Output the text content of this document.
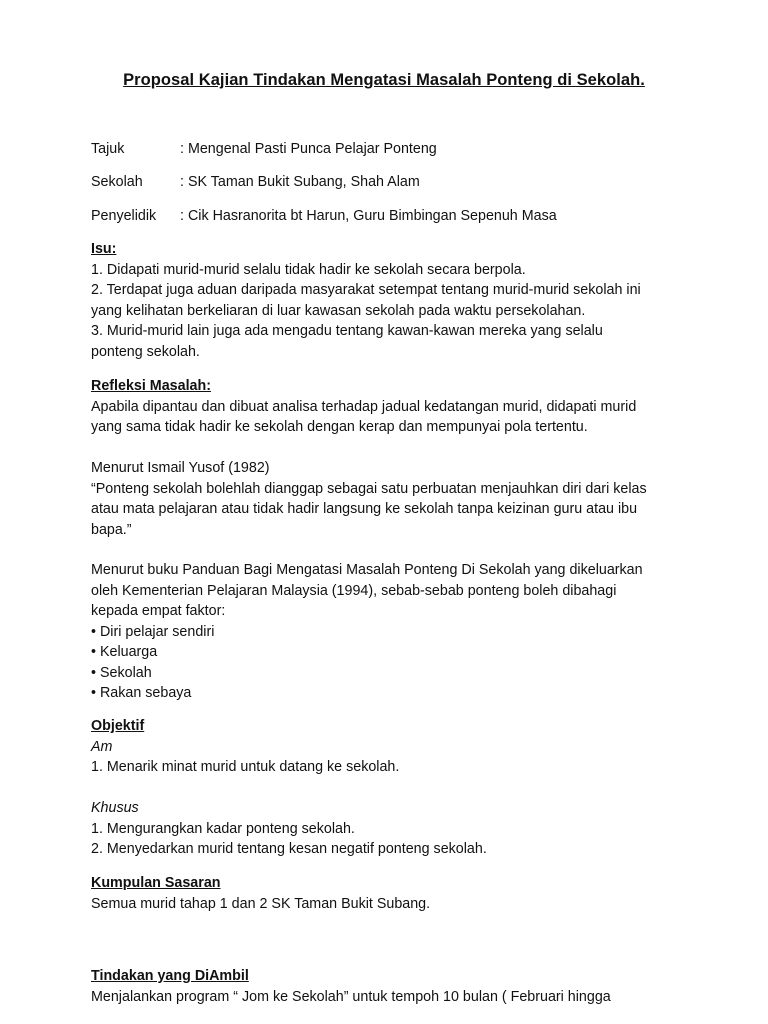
Proposal Kajian Tindakan Mengatasi Masalah Ponteng di Sekolah.
Tajuk	: Mengenal Pasti Punca Pelajar Ponteng
Sekolah	: SK Taman Bukit Subang, Shah Alam
Penyelidik : Cik Hasranorita bt Harun, Guru Bimbingan Sepenuh Masa
Isu:
1. Didapati murid-murid selalu tidak hadir ke sekolah secara berpola.
2. Terdapat juga aduan daripada masyarakat setempat tentang murid-murid sekolah ini
yang kelihatan berkeliaran di luar kawasan sekolah pada waktu persekolahan.
3. Murid-murid lain juga ada mengadu tentang kawan-kawan mereka yang selalu
ponteng sekolah.
Refleksi Masalah:
Apabila dipantau dan dibuat analisa terhadap jadual kedatangan murid, didapati murid
yang sama tidak hadir ke sekolah dengan kerap dan mempunyai pola tertentu.
Menurut Ismail Yusof (1982)
“Ponteng sekolah bolehlah dianggap sebagai satu perbuatan menjauhkan diri dari kelas
atau mata pelajaran atau tidak hadir langsung ke sekolah tanpa keizinan guru atau ibu
bapa.”
Menurut buku Panduan Bagi Mengatasi Masalah Ponteng Di Sekolah yang dikeluarkan
oleh Kementerian Pelajaran Malaysia (1994), sebab-sebab ponteng boleh dibahagi
kepada empat faktor:
• Diri pelajar sendiri
• Keluarga
• Sekolah
• Rakan sebaya
Objektif
Am
1. Menarik minat murid untuk datang ke sekolah.
Khusus
1. Mengurangkan kadar ponteng sekolah.
2. Menyedarkan murid tentang kesan negatif ponteng sekolah.
Kumpulan Sasaran
Semua murid tahap 1 dan 2 SK Taman Bukit Subang.
Tindakan yang DiAmbil
Menjalankan program “ Jom ke Sekolah” untuk tempoh 10 bulan ( Februari hingga
